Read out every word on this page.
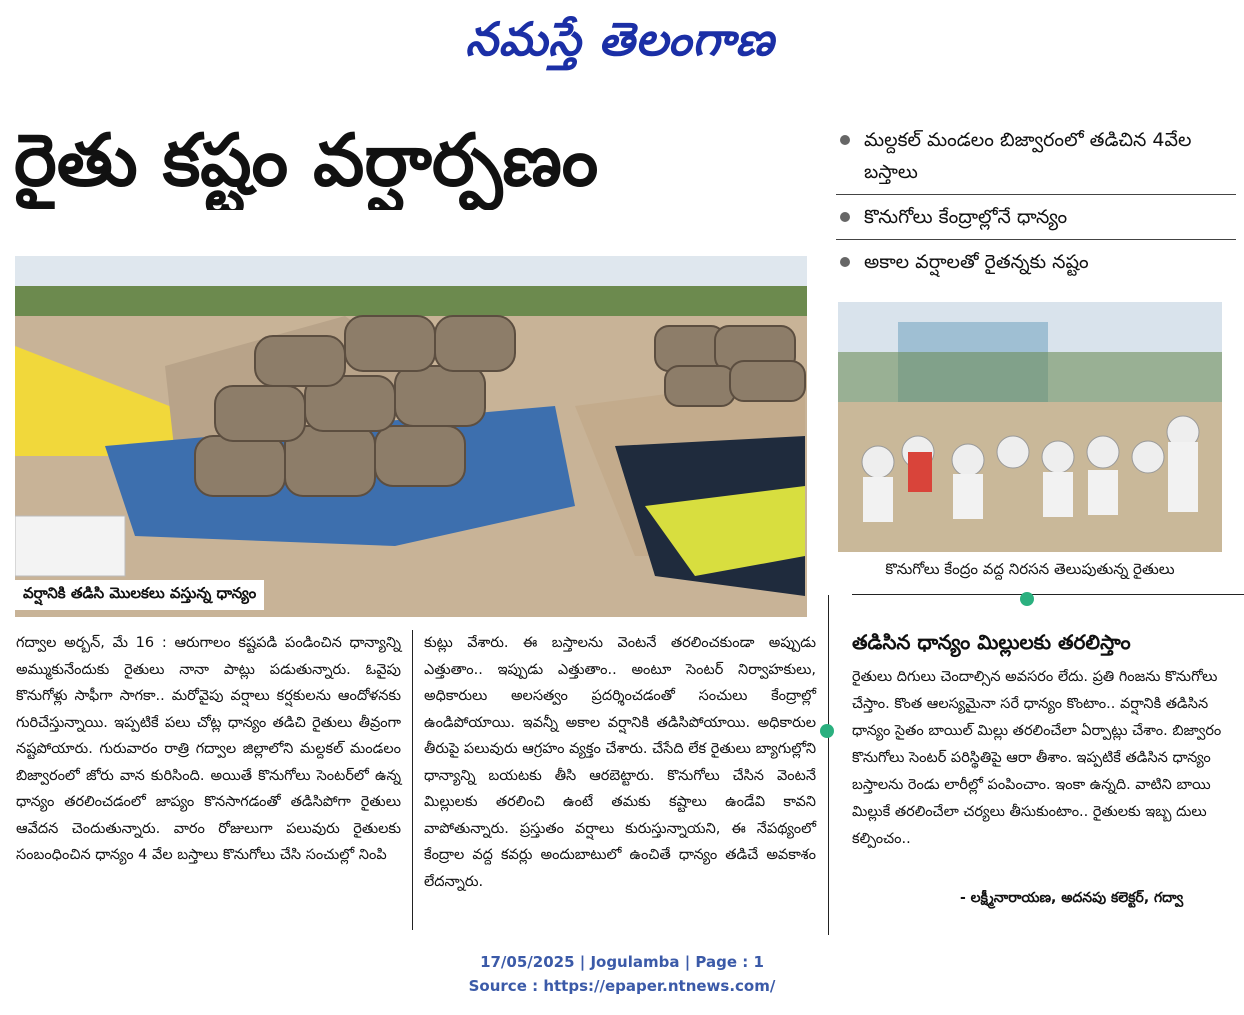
నమస్తే తెలంగాణ
రైతు కష్టం వర్షార్పణం	మల్దకల్ మండలం బిజ్వారంలో తడిచిన 4వేల బస్తాలు
కొనుగోలు కేంద్రాల్లోనే ధాన్యం
అకాల వర్షాలతో రైతన్నకు నష్టం
వర్షానికి తడిసి మొలకలు వస్తున్న ధాన్యం
కొనుగోలు కేంద్రం వద్ద నిరసన తెలుపుతున్న రైతులు
గద్వాల అర్బన్, మే 16 : ఆరుగాలం కష్టపడి పండించిన ధాన్యాన్ని అమ్ముకునేందుకు రైతులు నానా పాట్లు పడుతున్నారు. ఓవైపు కొనుగోళ్లు సాఫీగా సాగకా.. మరోవైపు వర్షాలు కర్షకులను ఆందోళనకు గురిచేస్తున్నాయి. ఇప్పటికే పలు చోట్ల ధాన్యం తడిచి రైతులు తీవ్రంగా నష్టపోయారు. గురువారం రాత్రి గద్వాల జిల్లాలోని మల్దకల్ మండలం బిజ్వారంలో జోరు వాన కురిసింది. అయితే కొనుగోలు సెంటర్‌లో ఉన్న ధాన్యం తరలించడంలో జాప్యం కొనసాగడంతో తడిసిపోగా రైతులు ఆవేదన చెందుతున్నారు. వారం రోజులుగా పలువురు రైతులకు సంబంధించిన ధాన్యం 4 వేల బస్తాలు కొనుగోలు చేసి సంచుల్లో నింపి
కుట్లు వేశారు. ఈ బస్తాలను వెంటనే తరలించకుండా అప్పుడు ఎత్తుతాం.. ఇప్పుడు ఎత్తుతాం.. అంటూ సెంటర్ నిర్వాహకులు, అధికారులు అలసత్వం ప్రదర్శించడంతో సంచులు కేంద్రాల్లో ఉండిపోయాయి. ఇవన్నీ అకాల వర్షానికి తడిసిపోయాయి. అధికారుల తీరుపై పలువురు ఆగ్రహం వ్యక్తం చేశారు. చేసేది లేక రైతులు బ్యాగుల్లోని ధాన్యాన్ని బయటకు తీసి ఆరబెట్టారు. కొనుగోలు చేసిన వెంటనే మిల్లులకు తరలించి ఉంటే తమకు కష్టాలు ఉండేవి కావని వాపోతున్నారు. ప్రస్తుతం వర్షాలు కురుస్తున్నాయని, ఈ నేపథ్యంలో కేంద్రాల వద్ద కవర్లు అందుబాటులో ఉంచితే ధాన్యం తడిచే అవకాశం లేదన్నారు.
తడిసిన ధాన్యం మిల్లులకు తరలిస్తాం
రైతులు దిగులు చెందాల్సిన అవసరం లేదు. ప్రతి గింజను కొనుగోలు చేస్తాం. కొంత ఆలస్యమైనా సరే ధాన్యం కొంటాం.. వర్షానికి తడిసిన ధాన్యం సైతం బాయిల్ మిల్లు తరలించేలా ఏర్పాట్లు చేశాం. బిజ్వారం కొనుగోలు సెంటర్ పరిస్థితిపై ఆరా తీశాం. ఇప్పటికే తడిసిన ధాన్యం బస్తాలను రెండు లారీల్లో పంపించాం. ఇంకా ఉన్నది. వాటిని బాయి మిల్లుకే తరలించేలా చర్యలు తీసుకుంటాం.. రైతులకు ఇబ్బ దులు కల్పించం..
- లక్ష్మీనారాయణ, అదనపు కలెక్టర్, గద్వా
17/05/2025 | Jogulamba | Page : 1
Source : https://epaper.ntnews.com/
